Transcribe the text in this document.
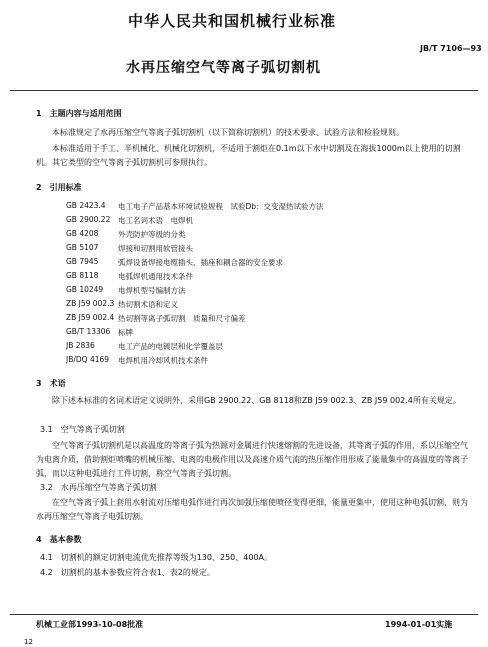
中华人民共和国机械行业标准
JB/T 7106—93
水再压缩空气等离子弧切割机
1　主题内容与适用范围
本标准规定了水再压缩空气等离子弧切割机（以下简称切割机）的技术要求、试验方法和检验规则。
本标准适用于手工、半机械化、机械化切割机，不适用于割炬在0.1m以下水中切割及在海拔1000m以上使用的切割机。其它类型的空气等离子弧切割机可参照执行。
2　引用标准
GB 2423.4 电工电子产品基本环境试验规程　试验Db：交变湿热试验方法
GB 2900.22 电工名词术语　电焊机
GB 4208	外壳防护等级的分类
GB 5107	焊接和切割用软管接头
GB 7945	弧焊设备焊接电缆插头、插座和耦合器的安全要求
GB 8118	电弧焊机通用技术条件
GB 10249 电焊机型号编制方法
ZB J59 002.3 热切割术语和定义
ZB J59 002.4 热切割等离子弧切割　质量和尺寸偏差
GB/T 13306 标牌
JB 2836	电工产品的电镀层和化学覆盖层
JB/DQ 4169 电焊机用冷却风机技术条件
3　术语
除下述本标准的名词术语定义说明外，采用GB 2900.22、GB 8118和ZB J59 002.3、ZB J59 002.4所有关规定。
3.1　空气等离子弧切割
空气等离子弧切割机是以高温度的等离子弧为热源对金属进行快速熔割的先进设备，其等离子弧的作用，系以压缩空气为电离介质，借助割炬喷嘴的机械压缩、电离的电极作用以及高速介质气流的热压缩作用形成了能量集中的高温度的等离子弧，而以这种电弧进行工件切割，称空气等离子弧切割。
3.2　水再压缩空气等离子弧切割
在空气等离子弧上套用水射流对压缩电弧作进行再次加强压缩使喷径变得更细，能量更集中，使用这种电弧切割，则为水再压缩空气等离子电弧切割。
4　基本参数
4.1　切割机的额定切割电流优先推荐等级为130、250、400A。
4.2　切割机的基本参数应符合表1、表2的规定。
机械工业部1993-10-08批准	1994-01-01实施
12
